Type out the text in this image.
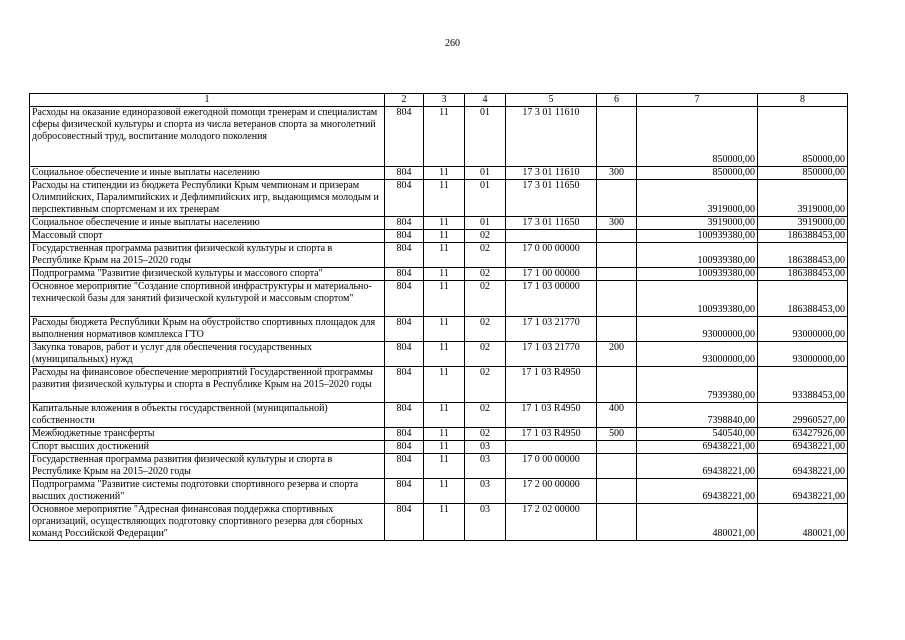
260
1	2	3	4	5	6	7	8
Расходы на оказание единоразовой ежегодной помощи тренерам и специалистам сферы физической культуры и спорта из числа ветеранов спорта за многолетний добросовестный труд, воспитание молодого поколения	804	11	01	17 3 01 11610		850000,00	850000,00
Социальное обеспечение и иные выплаты населению	804	11	01	17 3 01 11610	300	850000,00	850000,00
Расходы на стипендии из бюджета Республики Крым чемпионам и призерам Олимпийских, Паралимпийских и Дефлимпийских игр, выдающимся молодым и перспективным спортсменам и их тренерам	804	11	01	17 3 01 11650		3919000,00	3919000,00
Социальное обеспечение и иные выплаты населению	804	11	01	17 3 01 11650	300	3919000,00	3919000,00
Массовый спорт	804	11	02			100939380,00	186388453,00
Государственная программа развития физической культуры и спорта в Республике Крым на 2015–2020 годы	804	11	02	17 0 00 00000		100939380,00	186388453,00
Подпрограмма "Развитие физической культуры и массового спорта"	804	11	02	17 1 00 00000		100939380,00	186388453,00
Основное мероприятие "Создание спортивной инфраструктуры и материально-технической базы для занятий физической культурой и массовым спортом"	804	11	02	17 1 03 00000		100939380,00	186388453,00
Расходы бюджета Республики Крым на обустройство спортивных площадок для выполнения нормативов комплекса ГТО	804	11	02	17 1 03 21770		93000000,00	93000000,00
Закупка товаров, работ и услуг для обеспечения государственных (муниципальных) нужд	804	11	02	17 1 03 21770	200	93000000,00	93000000,00
Расходы на финансовое обеспечение мероприятий Государственной программы развития физической культуры и спорта в Республике Крым на 2015–2020 годы	804	11	02	17 1 03 R4950		7939380,00	93388453,00
Капитальные вложения в объекты государственной (муниципальной) собственности	804	11	02	17 1 03 R4950	400	7398840,00	29960527,00
Межбюджетные трансферты	804	11	02	17 1 03 R4950	500	540540,00	63427926,00
Спорт высших достижений	804	11	03			69438221,00	69438221,00
Государственная программа развития физической культуры и спорта в Республике Крым на 2015–2020 годы	804	11	03	17 0 00 00000		69438221,00	69438221,00
Подпрограмма "Развитие системы подготовки спортивного резерва и спорта высших достижений"	804	11	03	17 2 00 00000		69438221,00	69438221,00
Основное мероприятие "Адресная финансовая поддержка спортивных организаций, осуществляющих подготовку спортивного резерва для сборных команд Российской Федерации"	804	11	03	17 2 02 00000		480021,00	480021,00
